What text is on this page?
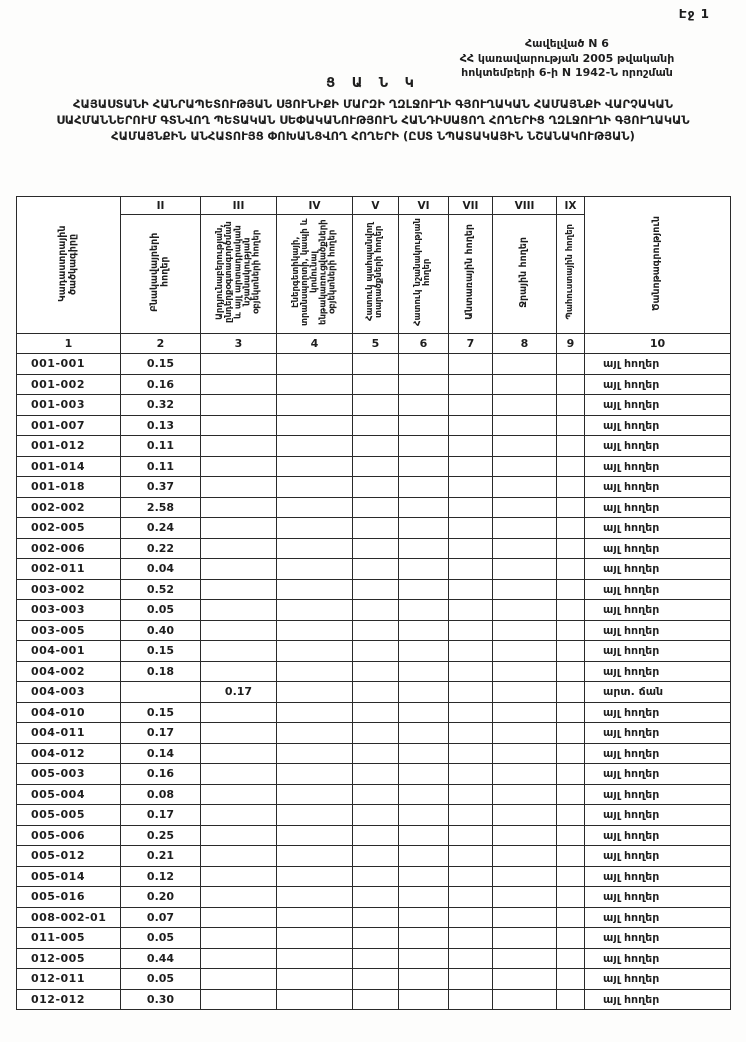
Էջ 1
Հավելված N 6
ՀՀ կառավարության 2005 թվականի
հոկտեմբերի 6-ի N 1942-Ն որոշման
Ց Ա Ն Կ
ՀԱՅԱՍՏԱՆԻ ՀԱՆՐԱՊԵՏՈՒԹՅԱՆ ՍՅՈՒՆԻՔԻ ՄԱՐԶԻ ՂԶԼՋՈՒՂԻ ԳՅՈՒՂԱԿԱՆ ՀԱՄԱՅՆՔԻ ՎԱՐՉԱԿԱՆ ՍԱՀՄԱՆՆԵՐՈՒՄ ԳՏՆՎՈՂ ՊԵՏԱԿԱՆ ՍԵՓԱԿԱՆՈՒԹՅՈՒՆ ՀԱՆԴԻՍԱՑՈՂ ՀՈՂԵՐԻՑ ՂԶԼՋՈՒՂԻ ԳՅՈՒՂԱԿԱՆ ՀԱՄԱՅՆՔԻՆ ԱՆՀԱՏՈՒՅՑ ՓՈԽԱՆՑՎՈՂ ՀՈՂԵՐԻ (ԸՍՏ ՆՊԱՏԱԿԱՅԻՆ ՆՇԱՆԱԿՈՒԹՅԱՆ)
Կադաստրային ծածկագիրը	II	III	IV	V	VI	VII	VIII	IX	Ծանոթագրություն
	Բնակավայրերի հողեր	Արդյունաբերության, ընդերքօգտագործման և այլ արտադրական նշանակության օբյեկտների հողեր	Էներգետիկայի, տրանսպորտի, կապի և կոմունալ ենթակառուցվածքների օբյեկտների հողեր	Հատուկ պահպանվող տարածքների հողեր	Հատուկ նշանակության հողեր	Անտառային հողեր	Ջրային հողեր	Պահուստային հողեր	
1	2	3	4	5	6	7	8	9	10
001-001	0.15								այլ հողեր
001-002	0.16								այլ հողեր
001-003	0.32								այլ հողեր
001-007	0.13								այլ հողեր
001-012	0.11								այլ հողեր
001-014	0.11								այլ հողեր
001-018	0.37								այլ հողեր
002-002	2.58								այլ հողեր
002-005	0.24								այլ հողեր
002-006	0.22								այլ հողեր
002-011	0.04								այլ հողեր
003-002	0.52								այլ հողեր
003-003	0.05								այլ հողեր
003-005	0.40								այլ հողեր
004-001	0.15								այլ հողեր
004-002	0.18								այլ հողեր
004-003		0.17							արտ. ճան
004-010	0.15								այլ հողեր
004-011	0.17								այլ հողեր
004-012	0.14								այլ հողեր
005-003	0.16								այլ հողեր
005-004	0.08								այլ հողեր
005-005	0.17								այլ հողեր
005-006	0.25								այլ հողեր
005-012	0.21								այլ հողեր
005-014	0.12								այլ հողեր
005-016	0.20								այլ հողեր
008-002-01	0.07								այլ հողեր
011-005	0.05								այլ հողեր
012-005	0.44								այլ հողեր
012-011	0.05								այլ հողեր
012-012	0.30								այլ հողեր
